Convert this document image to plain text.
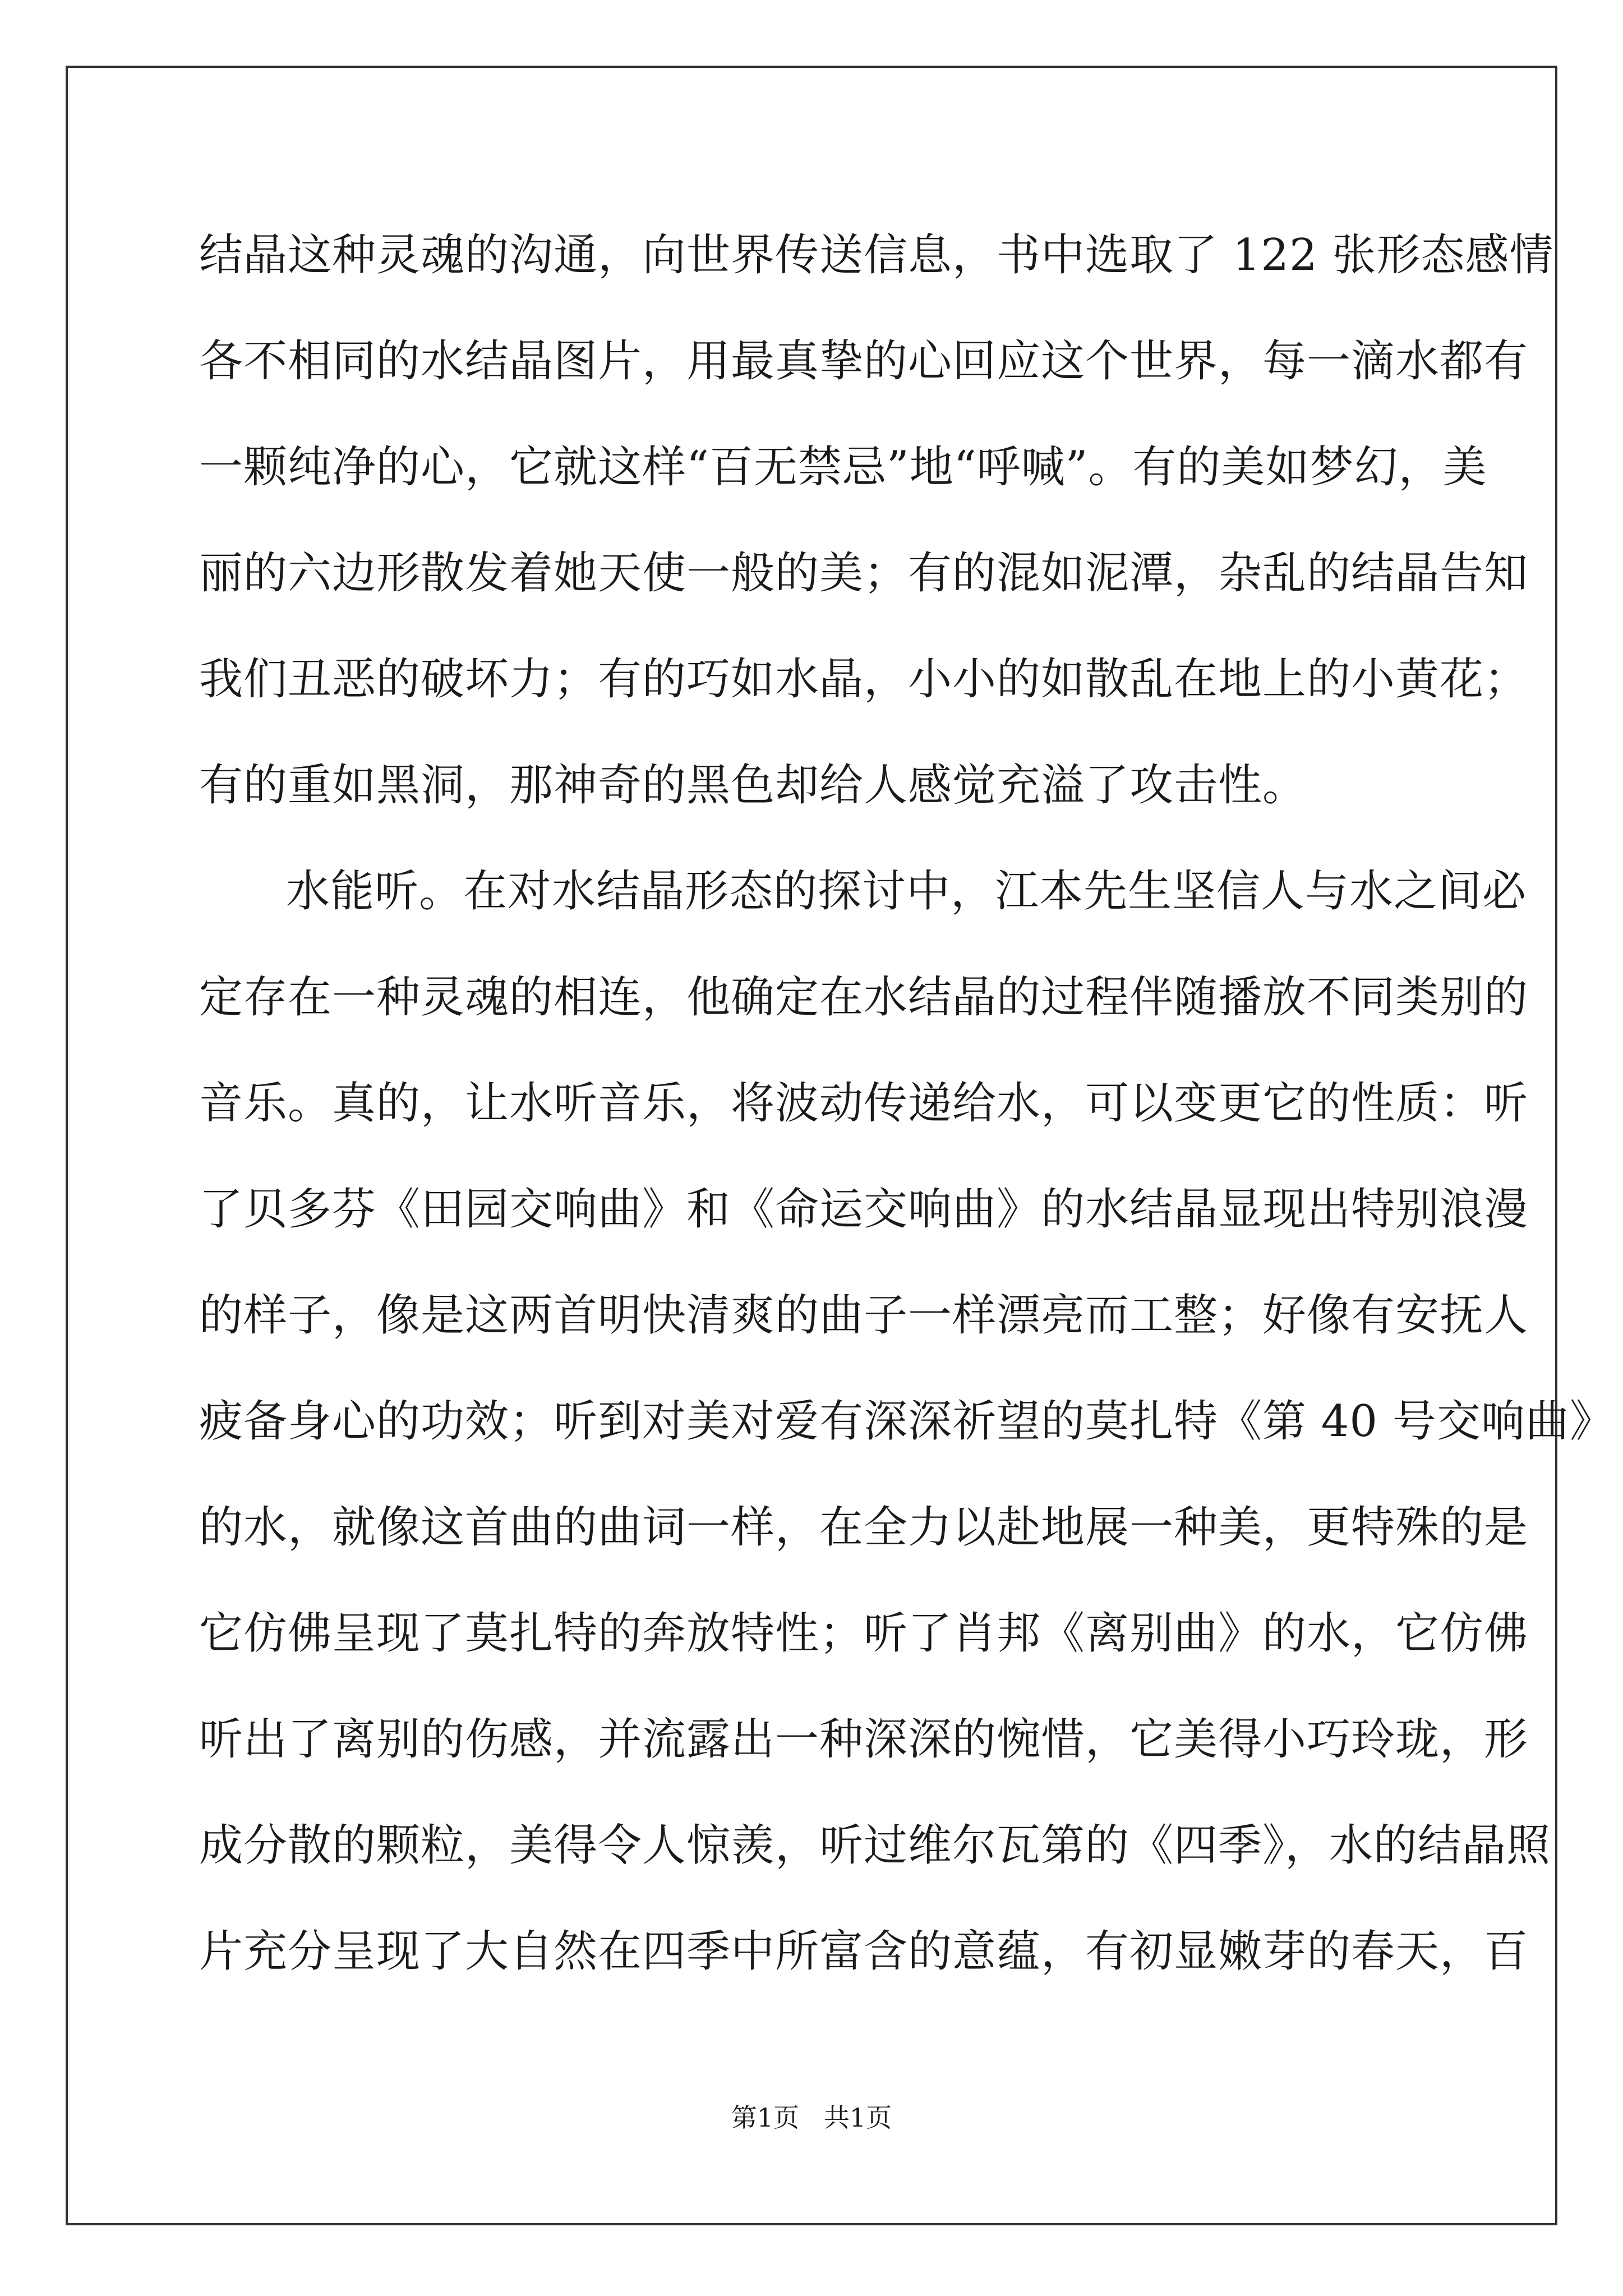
结晶这种灵魂的沟通，向世界传送信息，书中选取了 122 张形态感情
各不相同的水结晶图片，用最真挚的心回应这个世界，每一滴水都有
一颗纯净的心，它就这样“百无禁忌”地“呼喊”。有的美如梦幻，美
丽的六边形散发着她天使一般的美；有的混如泥潭，杂乱的结晶告知
我们丑恶的破坏力；有的巧如水晶，小小的如散乱在地上的小黄花；
有的重如黑洞，那神奇的黑色却给人感觉充溢了攻击性。
水能听。在对水结晶形态的探讨中，江本先生坚信人与水之间必
定存在一种灵魂的相连，他确定在水结晶的过程伴随播放不同类别的
音乐。真的，让水听音乐，将波动传递给水，可以变更它的性质：听
了贝多芬《田园交响曲》和《命运交响曲》的水结晶显现出特别浪漫
的样子，像是这两首明快清爽的曲子一样漂亮而工整；好像有安抚人
疲备身心的功效；听到对美对爱有深深祈望的莫扎特《第 40 号交响曲》
的水，就像这首曲的曲词一样，在全力以赴地展一种美，更特殊的是
它仿佛呈现了莫扎特的奔放特性；听了肖邦《离别曲》的水，它仿佛
听出了离别的伤感，并流露出一种深深的惋惜，它美得小巧玲珑，形
成分散的颗粒，美得令人惊羡，听过维尔瓦第的《四季》，水的结晶照
片充分呈现了大自然在四季中所富含的意蕴，有初显嫩芽的春天，百
第1页   共1页
